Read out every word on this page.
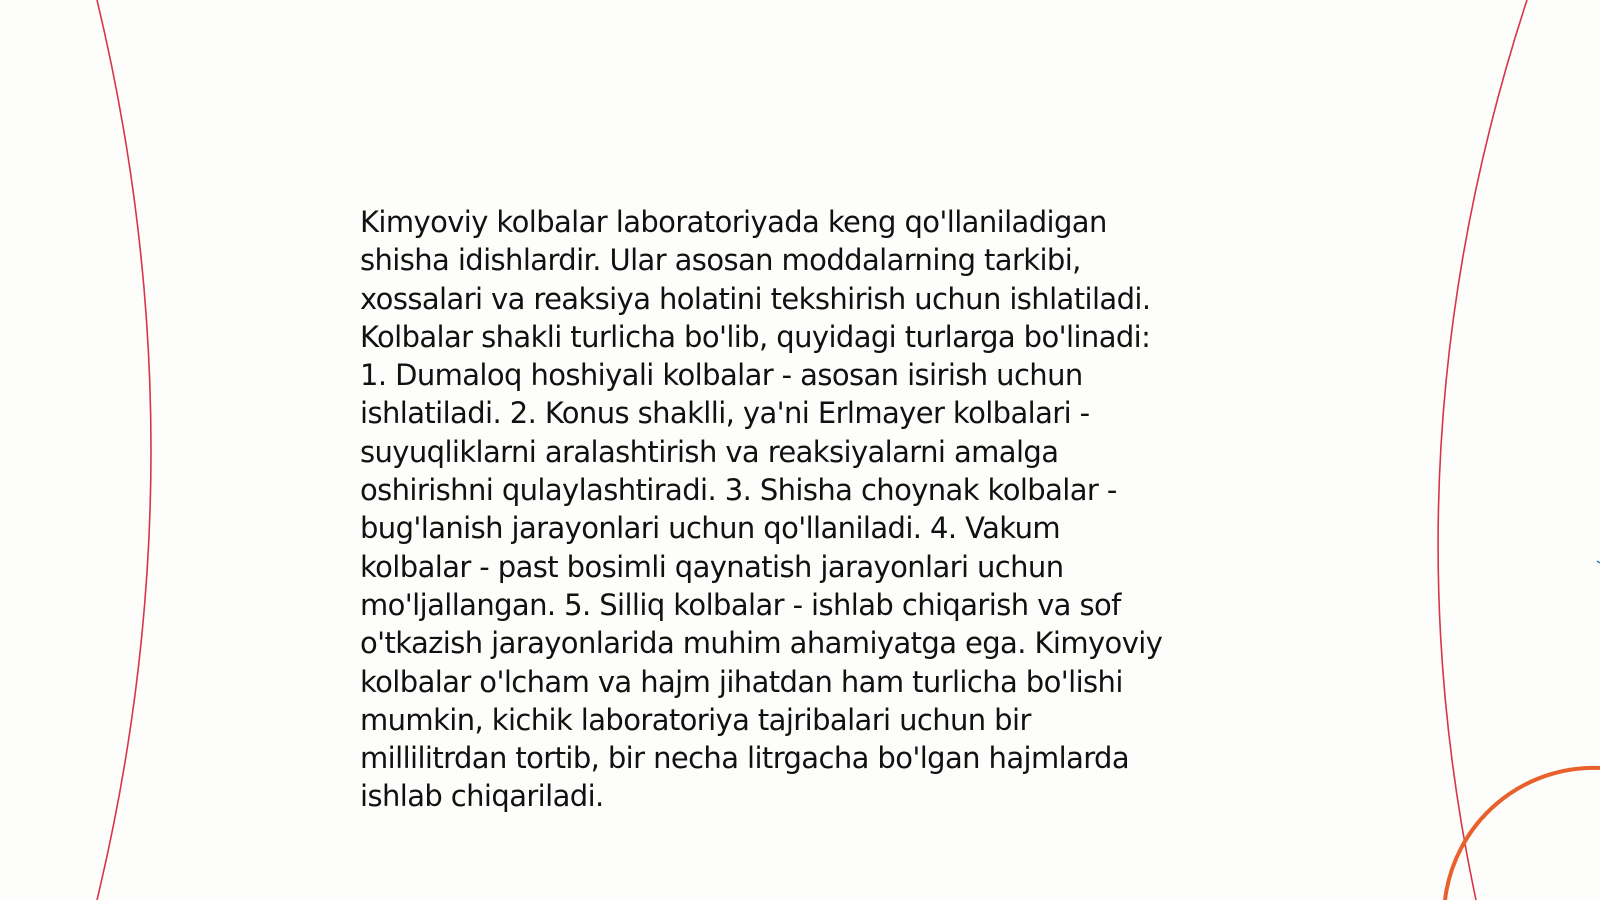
Kimyoviy kolbalar laboratoriyada keng qo'llaniladigan
shisha idishlardir. Ular asosan moddalarning tarkibi,
xossalari va reaksiya holatini tekshirish uchun ishlatiladi.
Kolbalar shakli turlicha bo'lib, quyidagi turlarga bo'linadi:
1. Dumaloq hoshiyali kolbalar - asosan isirish uchun
ishlatiladi. 2. Konus shaklli, ya'ni Erlmayer kolbalari -
suyuqliklarni aralashtirish va reaksiyalarni amalga
oshirishni qulaylashtiradi. 3. Shisha choynak kolbalar -
bug'lanish jarayonlari uchun qo'llaniladi. 4. Vakum
kolbalar - past bosimli qaynatish jarayonlari uchun
mo'ljallangan. 5. Silliq kolbalar - ishlab chiqarish va sof
o'tkazish jarayonlarida muhim ahamiyatga ega. Kimyoviy
kolbalar o'lcham va hajm jihatdan ham turlicha bo'lishi
mumkin, kichik laboratoriya tajribalari uchun bir
millilitrdan tortib, bir necha litrgacha bo'lgan hajmlarda
ishlab chiqariladi.
